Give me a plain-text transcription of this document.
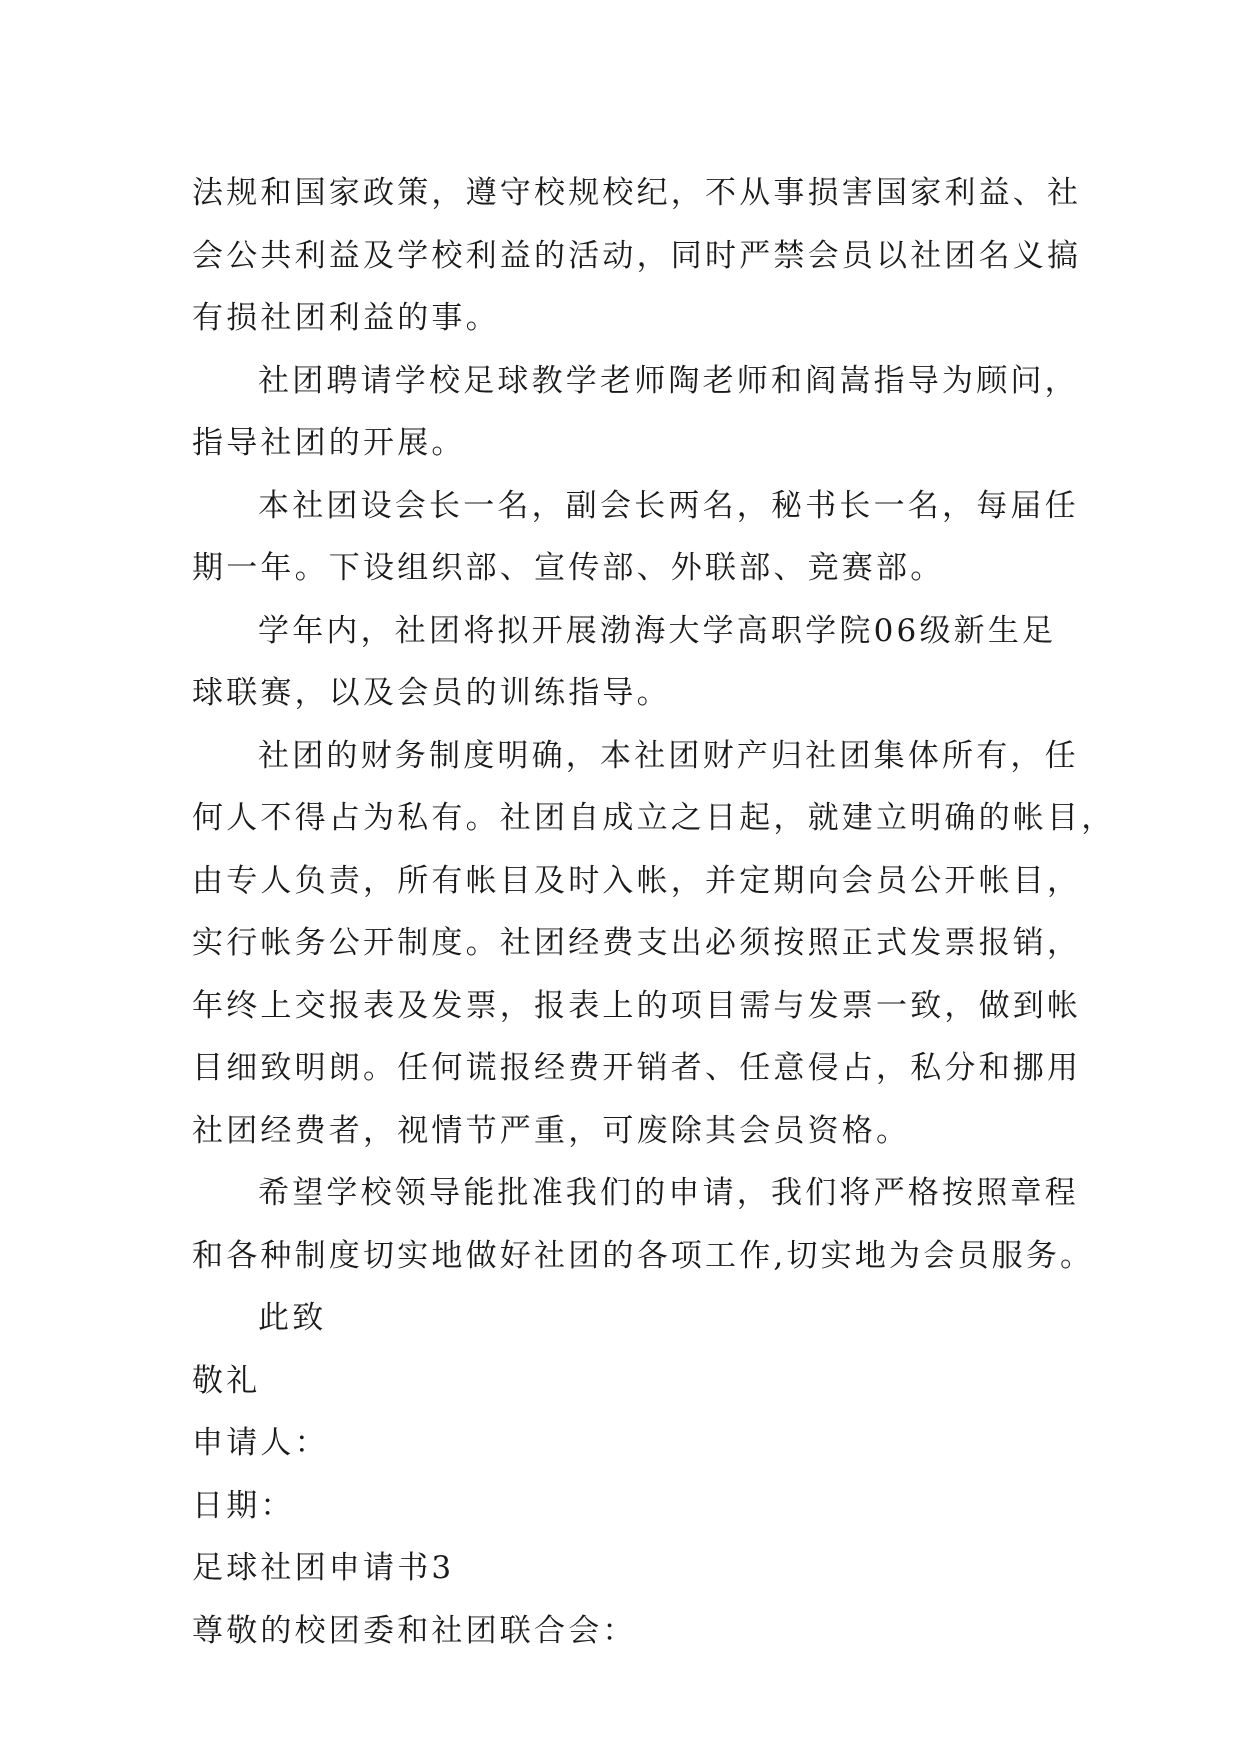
法规和国家政策，遵守校规校纪，不从事损害国家利益、社
会公共利益及学校利益的活动，同时严禁会员以社团名义搞
有损社团利益的事。
社团聘请学校足球教学老师陶老师和阎嵩指导为顾问，
指导社团的开展。
本社团设会长一名，副会长两名，秘书长一名，每届任
期一年。下设组织部、宣传部、外联部、竞赛部。
学年内，社团将拟开展渤海大学高职学院06级新生足
球联赛，以及会员的训练指导。
社团的财务制度明确，本社团财产归社团集体所有，任
何人不得占为私有。社团自成立之日起，就建立明确的帐目，
由专人负责，所有帐目及时入帐，并定期向会员公开帐目，
实行帐务公开制度。社团经费支出必须按照正式发票报销，
年终上交报表及发票，报表上的项目需与发票一致，做到帐
目细致明朗。任何谎报经费开销者、任意侵占，私分和挪用
社团经费者，视情节严重，可废除其会员资格。
希望学校领导能批准我们的申请，我们将严格按照章程
和各种制度切实地做好社团的各项工作,切实地为会员服务。
此致
敬礼
申请人：
日期：
足球社团申请书3
尊敬的校团委和社团联合会：
